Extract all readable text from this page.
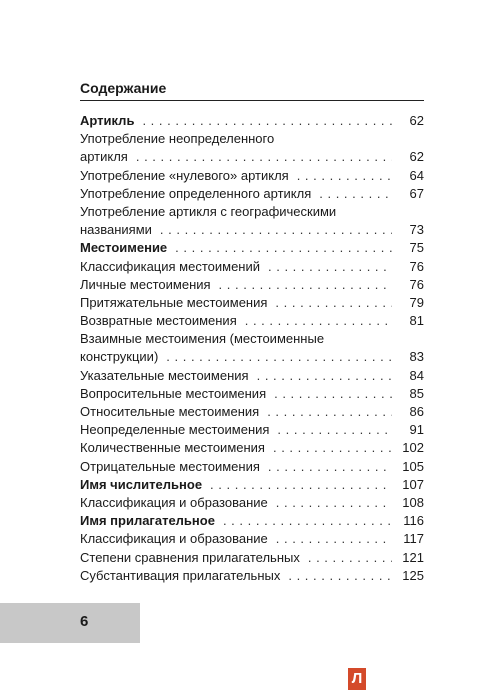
Содержание
Артикль . . .	62
Употребление неопределенного
артикля . . .	62
Употребление «нулевого» артикля . . .	64
Употребление определенного артикля . . .	67
Употребление артикля с географическими
названиями . . .	73
Местоимение . . .	75
Классификация местоимений . . .	76
Личные местоимения . . .	76
Притяжательные местоимения . . .	79
Возвратные местоимения . . .	81
Взаимные местоимения (местоименные
конструкции) . . .	83
Указательные местоимения . . .	84
Вопросительные местоимения . . .	85
Относительные местоимения . . .	86
Неопределенные местоимения . . .	91
Количественные местоимения . . .	102
Отрицательные местоимения . . .	105
Имя числительное . . .	107
Классификация и образование . . .	108
Имя прилагательное . . .	116
Классификация и образование . . .	117
Степени сравнения прилагательных . . .	121
Субстантивация прилагательных . . .	125
6
Л
